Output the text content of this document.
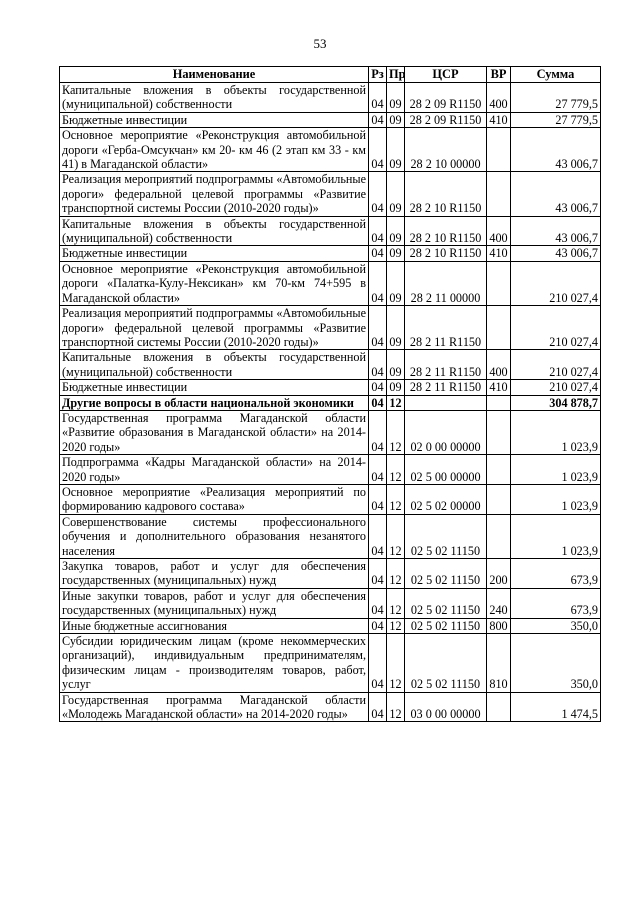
53
Наименование	Рз	Пр	ЦСР	ВР	Сумма
Капитальные вложения в объекты государственной (муниципальной) собственности	04	09	28 2 09 R1150	400	27 779,5
Бюджетные инвестиции	04	09	28 2 09 R1150	410	27 779,5
Основное мероприятие «Реконструкция автомобильной дороги «Герба-Омсукчан» км 20- км 46 (2 этап км 33 - км 41) в Магаданской области»	04	09	28 2 10 00000		43 006,7
Реализация мероприятий подпрограммы «Автомобильные дороги» федеральной целевой программы «Развитие транспортной системы России (2010-2020 годы)»	04	09	28 2 10 R1150		43 006,7
Капитальные вложения в объекты государственной (муниципальной) собственности	04	09	28 2 10 R1150	400	43 006,7
Бюджетные инвестиции	04	09	28 2 10 R1150	410	43 006,7
Основное мероприятие «Реконструкция автомобильной дороги «Палатка-Кулу-Нексикан» км 70-км 74+595 в Магаданской области»	04	09	28 2 11 00000		210 027,4
Реализация мероприятий подпрограммы «Автомобильные дороги» федеральной целевой программы «Развитие транспортной системы России (2010-2020 годы)»	04	09	28 2 11 R1150		210 027,4
Капитальные вложения в объекты государственной (муниципальной) собственности	04	09	28 2 11 R1150	400	210 027,4
Бюджетные инвестиции	04	09	28 2 11 R1150	410	210 027,4
Другие вопросы в области национальной экономики	04	12			304 878,7
Государственная программа Магаданской области «Развитие образования в Магаданской области» на 2014-2020 годы»	04	12	02 0 00 00000		1 023,9
Подпрограмма «Кадры Магаданской области» на 2014-2020 годы»	04	12	02 5 00 00000		1 023,9
Основное мероприятие «Реализация мероприятий по формированию кадрового состава»	04	12	02 5 02 00000		1 023,9
Совершенствование системы профессионального обучения и дополнительного образования незанятого населения	04	12	02 5 02 11150		1 023,9
Закупка товаров, работ и услуг для обеспечения государственных (муниципальных) нужд	04	12	02 5 02 11150	200	673,9
Иные закупки товаров, работ и услуг для обеспечения государственных (муниципальных) нужд	04	12	02 5 02 11150	240	673,9
Иные бюджетные ассигнования	04	12	02 5 02 11150	800	350,0
Субсидии юридическим лицам (кроме некоммерческих организаций), индивидуальным предпринимателям, физическим лицам - производителям товаров, работ, услуг	04	12	02 5 02 11150	810	350,0
Государственная программа Магаданской области «Молодежь Магаданской области» на 2014-2020 годы»	04	12	03 0 00 00000		1 474,5
